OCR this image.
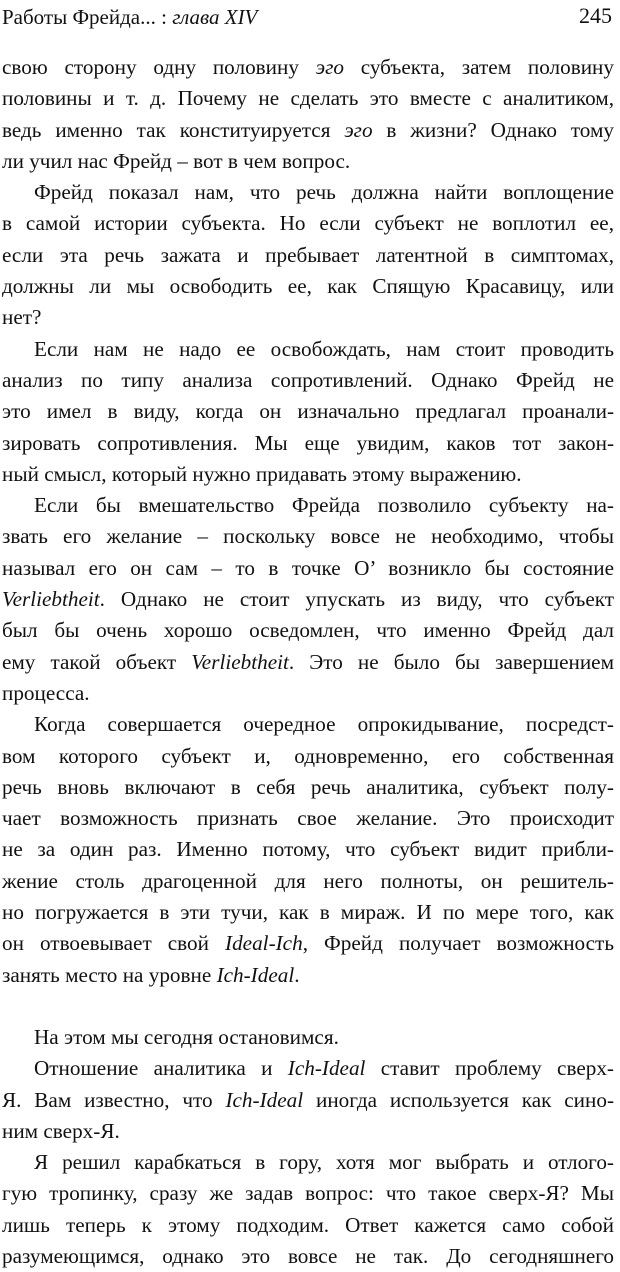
Работы Фрейда... : глава XIV	245
свою сторону одну половину эго субъекта, затем половину
половины и т. д. Почему не сделать это вместе с аналитиком,
ведь именно так конституируется эго в жизни? Однако тому
ли учил нас Фрейд – вот в чем вопрос.
Фрейд показал нам, что речь должна найти воплощение
в самой истории субъекта. Но если субъект не воплотил ее,
если эта речь зажата и пребывает латентной в симптомах,
должны ли мы освободить ее, как Спящую Красавицу, или
нет?
Если нам не надо ее освобождать, нам стоит проводить
анализ по типу анализа сопротивлений. Однако Фрейд не
это имел в виду, когда он изначально предлагал проанали-
зировать сопротивления. Мы еще увидим, каков тот закон-
ный смысл, который нужно придавать этому выражению.
Если бы вмешательство Фрейда позволило субъекту на-
звать его желание – поскольку вовсе не необходимо, чтобы
называл его он сам – то в точке О’ возникло бы состояние
Verliebtheit. Однако не стоит упускать из виду, что субъект
был бы очень хорошо осведомлен, что именно Фрейд дал
ему такой объект Verliebtheit. Это не было бы завершением
процесса.
Когда совершается очередное опрокидывание, посредст-
вом которого субъект и, одновременно, его собственная
речь вновь включают в себя речь аналитика, субъект полу-
чает возможность признать свое желание. Это происходит
не за один раз. Именно потому, что субъект видит прибли-
жение столь драгоценной для него полноты, он решитель-
но погружается в эти тучи, как в мираж. И по мере того, как
он отвоевывает свой Ideal-Ich, Фрейд получает возможность
занять место на уровне Ich-Ideal.
На этом мы сегодня остановимся.
Отношение аналитика и Ich-Ideal ставит проблему сверх-
Я. Вам известно, что Ich-Ideal иногда используется как сино-
ним сверх-Я.
Я решил карабкаться в гору, хотя мог выбрать и отлого-
гую тропинку, сразу же задав вопрос: что такое сверх-Я? Мы
лишь теперь к этому подходим. Ответ кажется само собой
разумеющимся, однако это вовсе не так. До сегодняшнего
